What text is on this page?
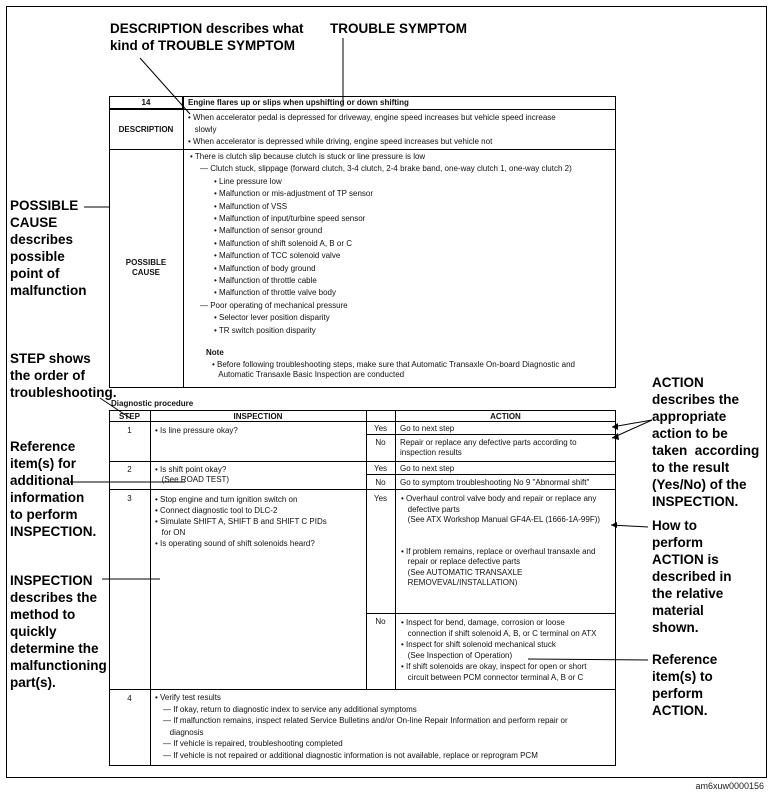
DESCRIPTION describes what
kind of TROUBLE SYMPTOM
TROUBLE SYMPTOM
POSSIBLE
CAUSE
describes
possible
point of
malfunction
STEP shows
the order of
troubleshooting.
Reference
item(s) for
additional
information
to perform
INSPECTION.
INSPECTION
describes the
method to
quickly
determine the
malfunctioning
part(s).
ACTION
describes the
appropriate
action to be
taken  according
to the result
(Yes/No) of the
INSPECTION.
How to
perform
ACTION is
described in
the relative
material
shown.
Reference
item(s) to
perform
ACTION.
14	Engine flares up or slips when upshifting or down shifting
DESCRIPTION
• When accelerator pedal is depressed for driveway, engine speed increases but vehicle speed increase
slowly
• When accelerator is depressed while driving, engine speed increases but vehicle not
POSSIBLE
CAUSE
• There is clutch slip because clutch is stuck or line pressure is low
— Clutch stuck, slippage (forward clutch, 3-4 clutch, 2-4 brake band, one-way clutch 1, one-way clutch 2)
• Line pressure low
• Malfunction or mis-adjustment of TP sensor
• Malfunction of VSS
• Malfunction of input/turbine speed sensor
• Malfunction of sensor ground
• Malfunction of shift solenoid A, B or C
• Malfunction of TCC solenoid valve
• Malfunction of body ground
• Malfunction of throttle cable
• Malfunction of throttle valve body
— Poor operating of mechanical pressure
• Selector lever position disparity
• TR switch position disparity
Note
• Before following troubleshooting steps, make sure that Automatic Transaxle On-board Diagnostic and
Automatic Transaxle Basic Inspection are conducted
Diagnostic procedure
STEP	INSPECTION	ACTION
1	• Is line pressure okay?	Yes	Go to next step
No	Repair or replace any defective parts according to
inspection results
2	• Is shift point okay?
(See ROAD TEST)
Yes	Go to next step
No	Go to symptom troubleshooting No 9 "Abnormal shift"
3	• Stop engine and turn ignition switch on
• Connect diagnostic tool to DLC-2
• Simulate SHIFT A, SHIFT B and SHIFT C PIDs
for ON
• Is operating sound of shift solenoids heard?
Yes	• Overhaul control valve body and repair or replace any
defective parts
(See ATX Workshop Manual GF4A-EL (1666-1A-99F))

• If problem remains, replace or overhaul transaxle and
repair or replace defective parts
(See AUTOMATIC TRANSAXLE
REMOVEVAL/INSTALLATION)
No	• Inspect for bend, damage, corrosion or loose
connection if shift solenoid A, B, or C terminal on ATX
• Inspect for shift solenoid mechanical stuck
(See Inspection of Operation)
• If shift solenoids are okay, inspect for open or short
circuit between PCM connector terminal A, B or C
4	• Verify test results
— If okay, return to diagnostic index to service any additional symptoms
— If malfunction remains, inspect related Service Bulletins and/or On-line Repair Information and perform repair or
diagnosis
— If vehicle is repaired, troubleshooting completed
— If vehicle is not repaired or additional diagnostic information is not available, replace or reprogram PCM
am6xuw0000156
